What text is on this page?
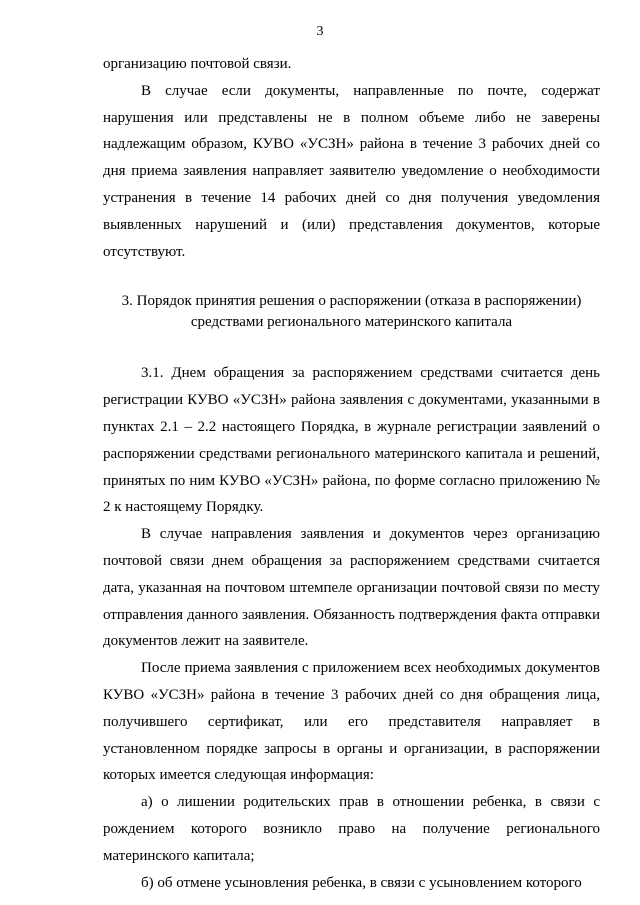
3

организацию почтовой связи.

В случае если документы, направленные по почте, содержат нарушения или представлены не в полном объеме либо не заверены надлежащим образом, КУВО «УСЗН» района в течение 3 рабочих дней со дня приема заявления направляет заявителю уведомление о необходимости устранения в течение 14 рабочих дней со дня получения уведомления выявленных нарушений и (или) представления документов, которые отсутствуют.

3. Порядок принятия решения о распоряжении (отказа в распоряжении)
средствами регионального материнского капитала

3.1. Днем обращения за распоряжением средствами считается день регистрации КУВО «УСЗН» района заявления с документами, указанными в пунктах 2.1 – 2.2 настоящего Порядка, в журнале регистрации заявлений о распоряжении средствами регионального материнского капитала и решений, принятых по ним КУВО «УСЗН» района, по форме согласно приложению № 2 к настоящему Порядку.

В случае направления заявления и документов через организацию почтовой связи днем обращения за распоряжением средствами считается дата, указанная на почтовом штемпеле организации почтовой связи по месту отправления данного заявления. Обязанность подтверждения факта отправки документов лежит на заявителе.

После приема заявления с приложением всех необходимых документов КУВО «УСЗН» района в течение 3 рабочих дней со дня обращения лица, получившего сертификат, или его представителя направляет в установленном порядке запросы в органы и организации, в распоряжении которых имеется следующая информация:

а) о лишении родительских прав в отношении ребенка, в связи с рождением которого возникло право на получение регионального материнского капитала;

б) об отмене усыновления ребенка, в связи с усыновлением которого
